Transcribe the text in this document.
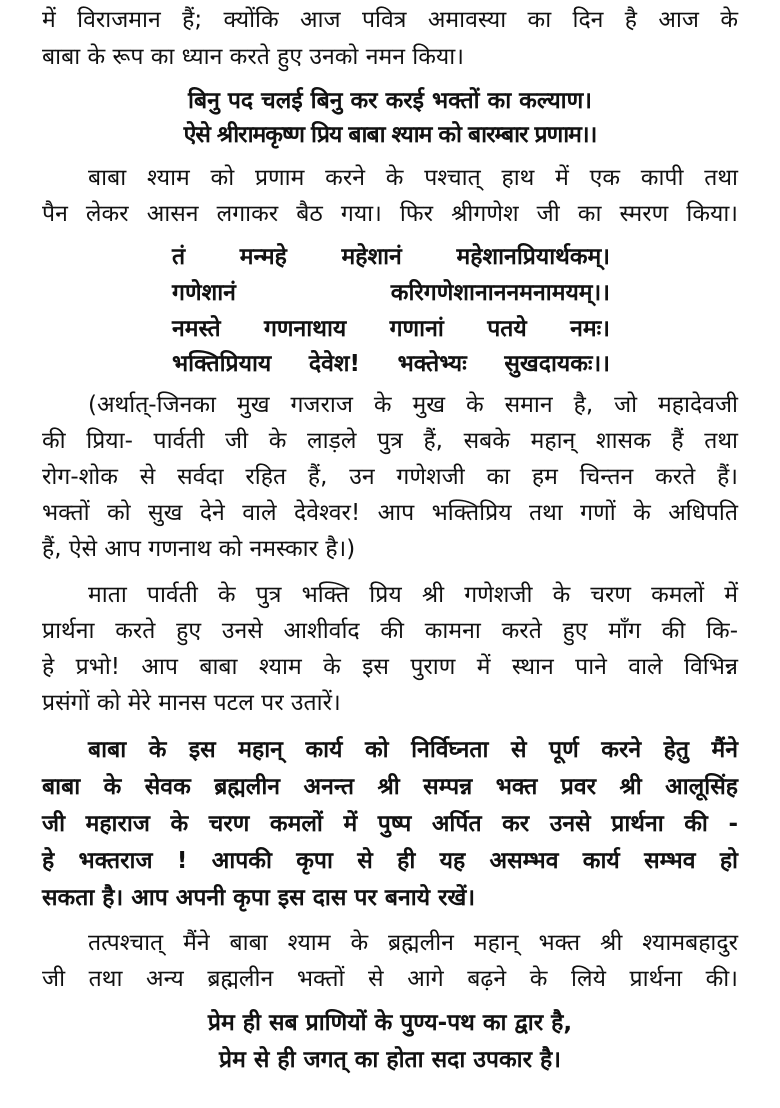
में विराजमान हैं; क्योंकि आज पवित्र अमावस्या का दिन है आज के
बाबा के रूप का ध्यान करते हुए उनको नमन किया।
बिनु पद चलई बिनु कर करई भक्तों का कल्याण।
ऐसे श्रीरामकृष्ण प्रिय बाबा श्याम को बारम्बार प्रणाम।।
बाबा श्याम को प्रणाम करने के पश्चात् हाथ में एक कापी तथा
पैन लेकर आसन लगाकर बैठ गया। फिर श्रीगणेश जी का स्मरण किया।
तं मन्महे महेशानं महेशानप्रियार्थकम्।
गणेशानं करिगणेशानाननमनामयम्।।
नमस्ते गणनाथाय गणानां पतये नमः।
भक्तिप्रियाय देवेश! भक्तेभ्यः सुखदायकः।।
(अर्थात्-जिनका मुख गजराज के मुख के समान है, जो महादेवजी
की प्रिया- पार्वती जी के लाड़ले पुत्र हैं, सबके महान् शासक हैं तथा
रोग-शोक से सर्वदा रहित हैं, उन गणेशजी का हम चिन्तन करते हैं।
भक्तों को सुख देने वाले देवेश्वर! आप भक्तिप्रिय तथा गणों के अधिपति
हैं, ऐसे आप गणनाथ को नमस्कार है।)
माता पार्वती के पुत्र भक्ति प्रिय श्री गणेशजी के चरण कमलों में
प्रार्थना करते हुए उनसे आशीर्वाद की कामना करते हुए माँग की कि-
हे प्रभो! आप बाबा श्याम के इस पुराण में स्थान पाने वाले विभिन्न
प्रसंगों को मेरे मानस पटल पर उतारें।
बाबा के इस महान् कार्य को निर्विघ्नता से पूर्ण करने हेतु मैंने
बाबा के सेवक ब्रह्मलीन अनन्त श्री सम्पन्न भक्त प्रवर श्री आलूसिंह
जी महाराज के चरण कमलों में पुष्प अर्पित कर उनसे प्रार्थना की -
हे भक्तराज ! आपकी कृपा से ही यह असम्भव कार्य सम्भव हो
सकता है। आप अपनी कृपा इस दास पर बनाये रखें।
तत्पश्चात् मैंने बाबा श्याम के ब्रह्मलीन महान् भक्त श्री श्यामबहादुर
जी तथा अन्य ब्रह्मलीन भक्तों से आगे बढ़ने के लिये प्रार्थना की।
प्रेम ही सब प्राणियों के पुण्य-पथ का द्वार है,
प्रेम से ही जगत् का होता सदा उपकार है।
